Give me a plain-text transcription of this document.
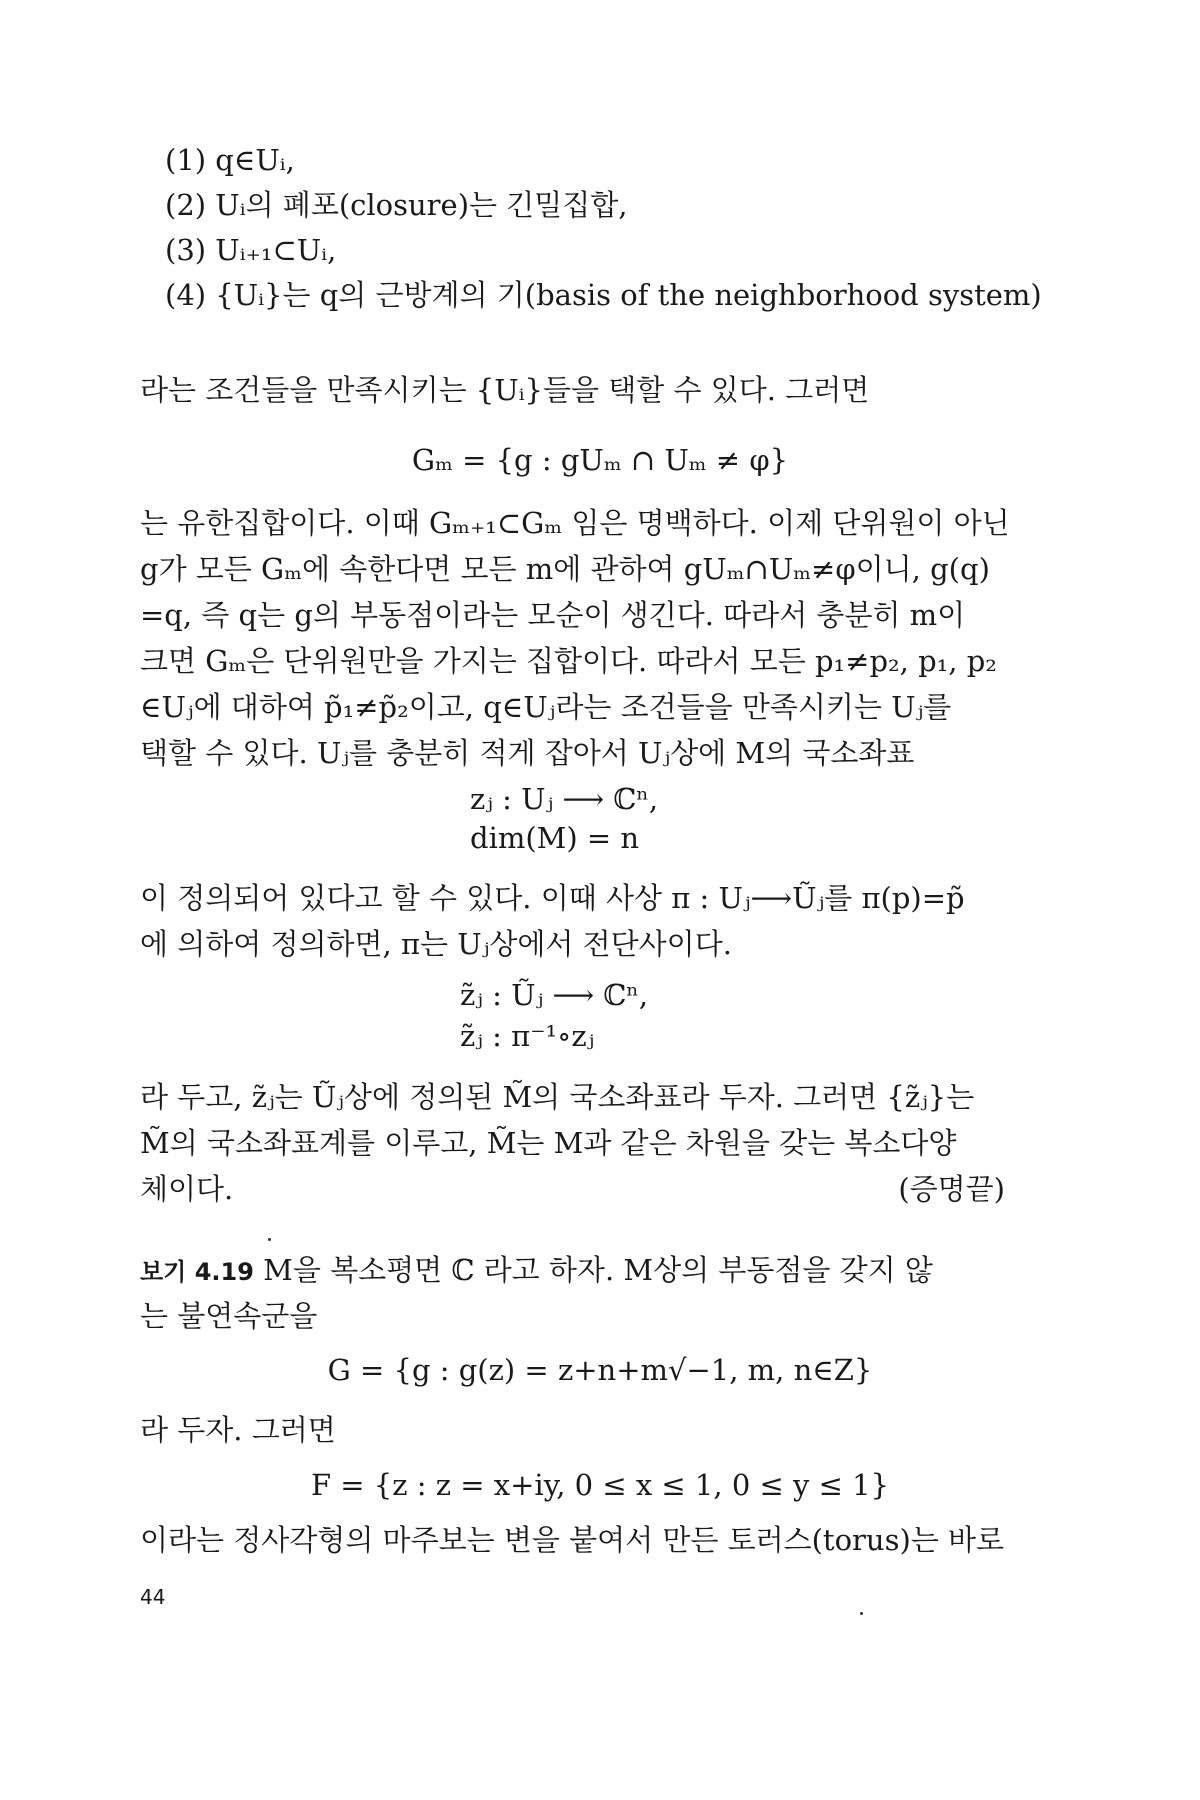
(1) q∈Uᵢ,
(2) Uᵢ의 폐포(closure)는 긴밀집합,
(3) Uᵢ₊₁⊂Uᵢ,
(4) {Uᵢ}는 q의 근방계의 기(basis of the neighborhood system)
라는 조건들을 만족시키는 {Uᵢ}들을 택할 수 있다. 그러면
Gₘ = {g : gUₘ ∩ Uₘ ≠ φ}
는 유한집합이다. 이때 Gₘ₊₁⊂Gₘ 임은 명백하다. 이제 단위원이 아닌
g가 모든 Gₘ에 속한다면 모든 m에 관하여 gUₘ∩Uₘ≠φ이니, g(q)
=q, 즉 q는 g의 부동점이라는 모순이 생긴다. 따라서 충분히 m이
크면 Gₘ은 단위원만을 가지는 집합이다. 따라서 모든 p₁≠p₂, p₁, p₂
∈Uⱼ에 대하여 p̃₁≠p̃₂이고, q∈Uⱼ라는 조건들을 만족시키는 Uⱼ를
택할 수 있다. Uⱼ를 충분히 적게 잡아서 Uⱼ상에 M의 국소좌표
zⱼ : Uⱼ ⟶ ℂⁿ,
dim(M) = n
이 정의되어 있다고 할 수 있다. 이때 사상 π : Uⱼ⟶Ũⱼ를 π(p)=p̃
에 의하여 정의하면, π는 Uⱼ상에서 전단사이다.
z̃ⱼ : Ũⱼ ⟶ ℂⁿ,
z̃ⱼ : π⁻¹∘zⱼ
라 두고, z̃ⱼ는 Ũⱼ상에 정의된 M̃의 국소좌표라 두자. 그러면 {z̃ⱼ}는
M̃의 국소좌표계를 이루고, M̃는 M과 같은 차원을 갖는 복소다양
체이다.	(증명끝)
보기 4.19 M을 복소평면 ℂ 라고 하자. M상의 부동점을 갖지 않
는 불연속군을
G = {g : g(z) = z+n+m√−1, m, n∈Z}
라 두자. 그러면
F = {z : z = x+iy, 0 ≤ x ≤ 1, 0 ≤ y ≤ 1}
이라는 정사각형의 마주보는 변을 붙여서 만든 토러스(torus)는 바로
44
